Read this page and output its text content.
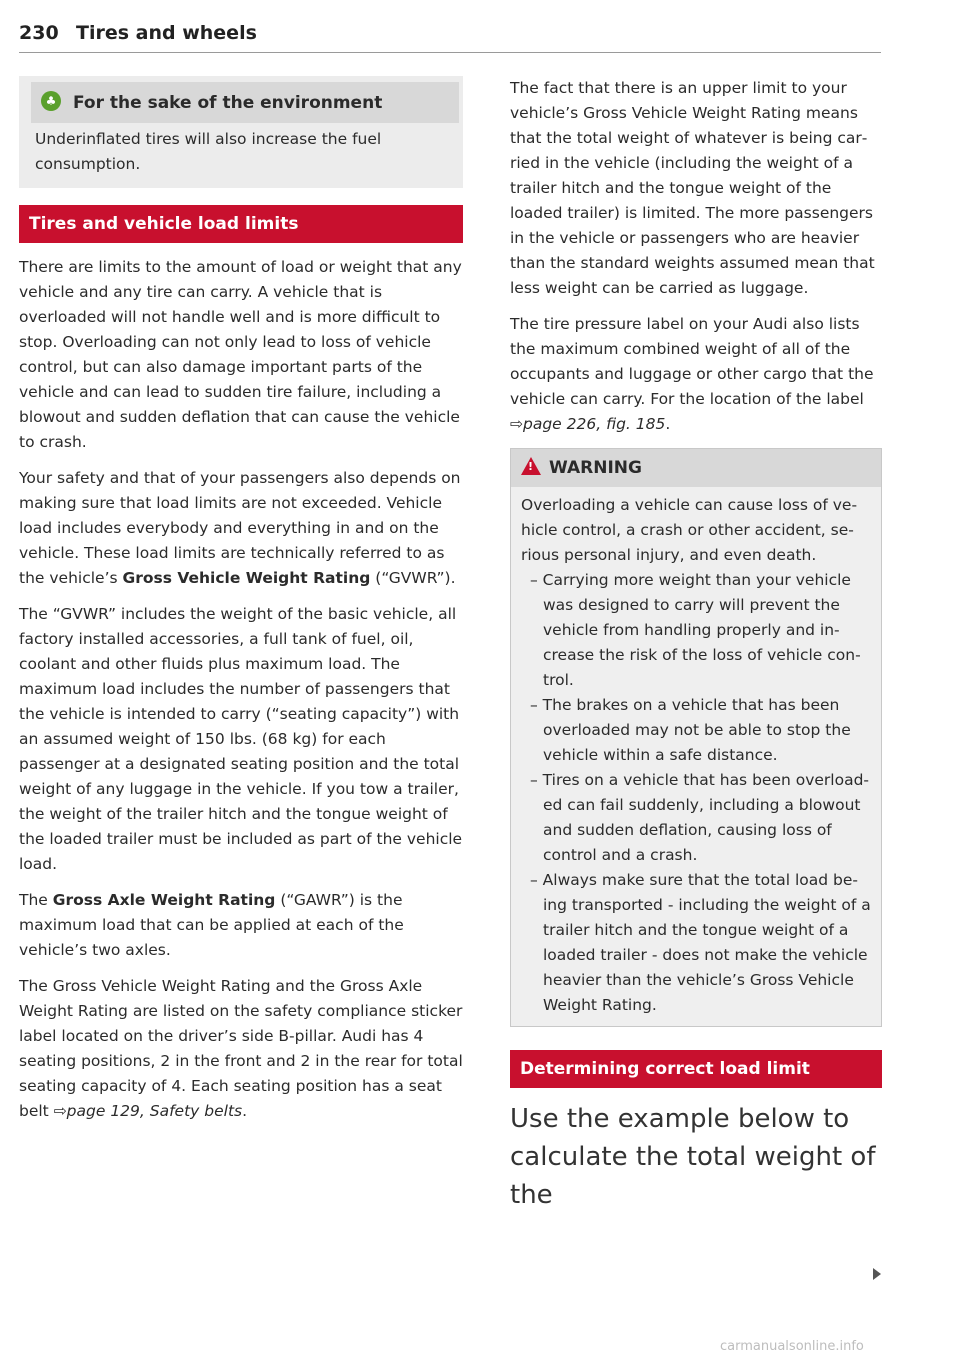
230 Tires and wheels
♣ For the sake of the environment
Underinflated tires will also increase the fuel consumption.
Tires and vehicle load limits

There are limits to the amount of load or weight that any vehicle and any tire can carry. A vehicle that is overloaded will not handle well and is more difficult to stop. Overloading can not only lead to loss of vehicle control, but can also damage important parts of the vehicle and can lead to sudden tire failure, including a blowout and sudden deflation that can cause the vehicle to crash.

Your safety and that of your passengers also depends on making sure that load limits are not exceeded. Vehicle load includes everybody and everything in and on the vehicle. These load limits are technically referred to as the vehicle’s Gross Vehicle Weight Rating (“GVWR”).

The “GVWR” includes the weight of the basic vehicle, all factory installed accessories, a full tank of fuel, oil, coolant and other fluids plus maximum load. The maximum load includes the number of passengers that the vehicle is intended to carry (“seating capacity”) with an assumed weight of 150 lbs. (68 kg) for each passenger at a designated seating position and the total weight of any luggage in the vehicle. If you tow a trailer, the weight of the trailer hitch and the tongue weight of the loaded trailer must be included as part of the vehicle load.

The Gross Axle Weight Rating (“GAWR”) is the maximum load that can be applied at each of the vehicle’s two axles.

The Gross Vehicle Weight Rating and the Gross Axle Weight Rating are listed on the safety compliance sticker label located on the driver’s side B-pillar. Audi has 4 seating positions, 2 in the front and 2 in the rear for total seating capacity of 4. Each seating position has a seat belt ⇨page 129, Safety belts.

The fact that there is an upper limit to your vehicle’s Gross Vehicle Weight Rating means that the total weight of whatever is being carried in the vehicle (including the weight of a trailer hitch and the tongue weight of the loaded trailer) is limited. The more passengers in the vehicle or passengers who are heavier than the standard weights assumed mean that less weight can be carried as luggage.

The tire pressure label on your Audi also lists the maximum combined weight of all of the occupants and luggage or other cargo that the vehicle can carry. For the location of the label ⇨page 226, fig. 185.

! WARNING

Overloading a vehicle can cause loss of vehicle control, a crash or other accident, serious personal injury, and even death.

– Carrying more weight than your vehicle was designed to carry will prevent the vehicle from handling properly and increase the risk of the loss of vehicle control.
– The brakes on a vehicle that has been overloaded may not be able to stop the vehicle within a safe distance.
– Tires on a vehicle that has been overloaded can fail suddenly, including a blowout and sudden deflation, causing loss of control and a crash.
– Always make sure that the total load being transported - including the weight of a trailer hitch and the tongue weight of a loaded trailer - does not make the vehicle heavier than the vehicle’s Gross Vehicle Weight Rating.
Determining correct load limit
Use the example below to calculate the total weight of the
carmanualsonline.info
